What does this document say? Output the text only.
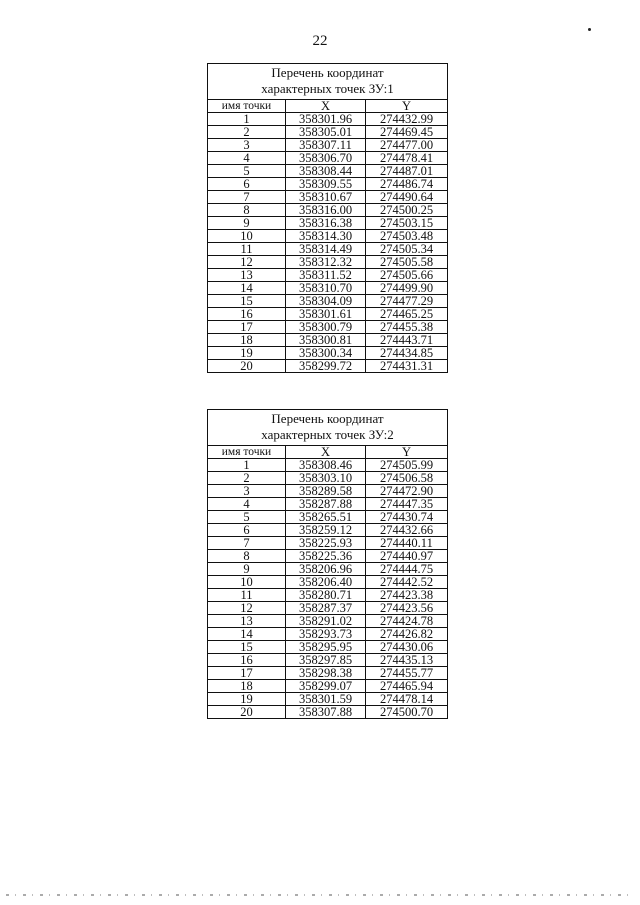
22
Перечень координат
характерных точек ЗУ:1		
имя точки	X	Y
1	358301.96	274432.99
2	358305.01	274469.45
3	358307.11	274477.00
4	358306.70	274478.41
5	358308.44	274487.01
6	358309.55	274486.74
7	358310.67	274490.64
8	358316.00	274500.25
9	358316.38	274503.15
10	358314.30	274503.48
11	358314.49	274505.34
12	358312.32	274505.58
13	358311.52	274505.66
14	358310.70	274499.90
15	358304.09	274477.29
16	358301.61	274465.25
17	358300.79	274455.38
18	358300.81	274443.71
19	358300.34	274434.85
20	358299.72	274431.31
Перечень координат
характерных точек ЗУ:2		
имя точки	X	Y
1	358308.46	274505.99
2	358303.10	274506.58
3	358289.58	274472.90
4	358287.88	274447.35
5	358265.51	274430.74
6	358259.12	274432.66
7	358225.93	274440.11
8	358225.36	274440.97
9	358206.96	274444.75
10	358206.40	274442.52
11	358280.71	274423.38
12	358287.37	274423.56
13	358291.02	274424.78
14	358293.73	274426.82
15	358295.95	274430.06
16	358297.85	274435.13
17	358298.38	274455.77
18	358299.07	274465.94
19	358301.59	274478.14
20	358307.88	274500.70
